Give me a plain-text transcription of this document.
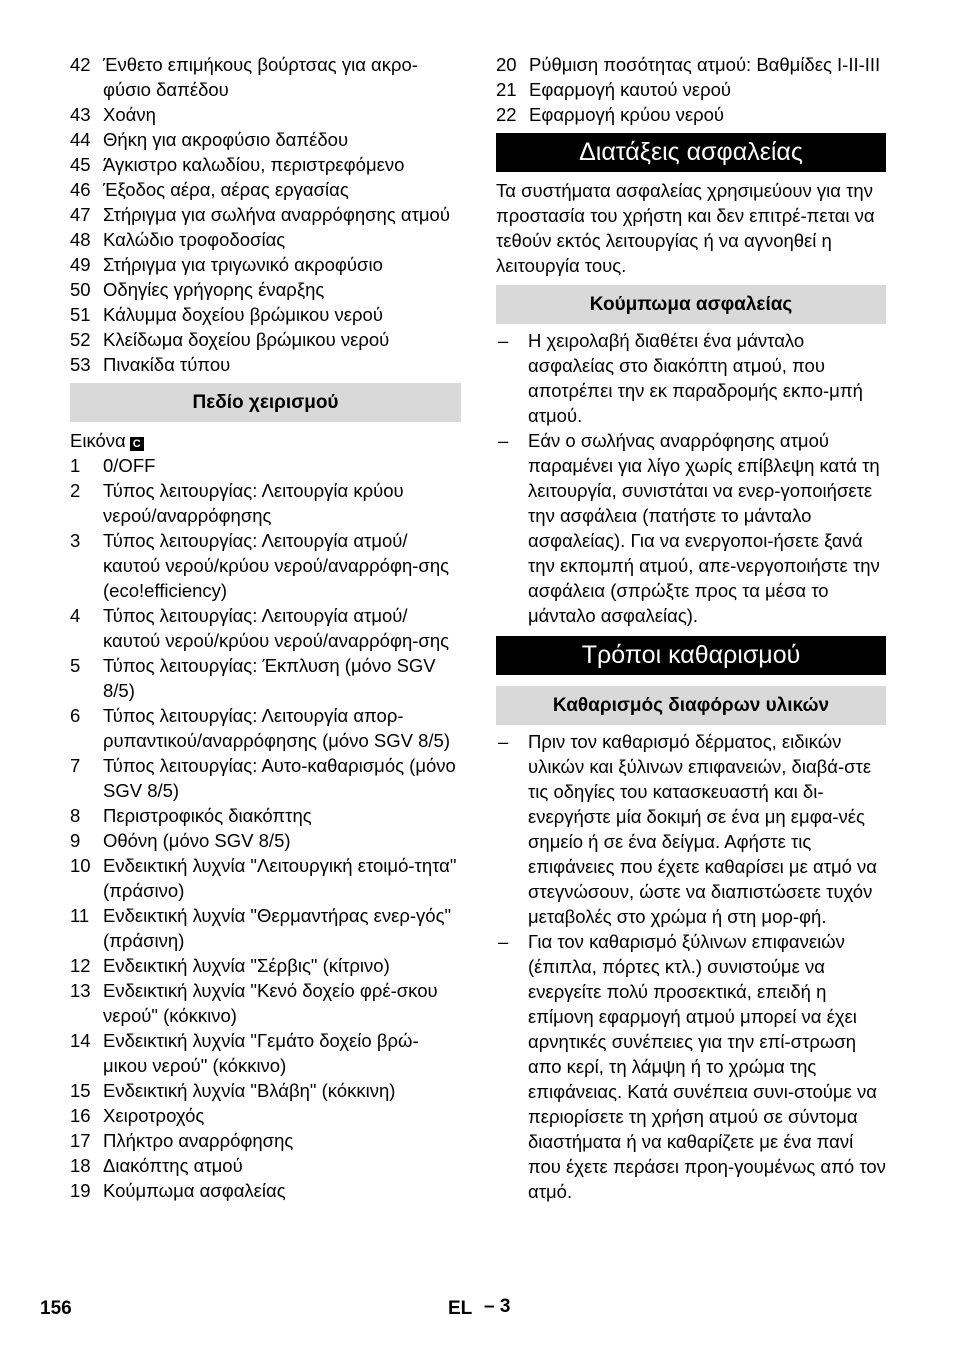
42 Ένθετο επιμήκους βούρτσας για ακρο-φύσιο δαπέδου
43 Χοάνη
44 Θήκη για ακροφύσιο δαπέδου
45 Άγκιστρο καλωδίου, περιστρεφόμενο
46 Έξοδος αέρα, αέρας εργασίας
47 Στήριγμα για σωλήνα αναρρόφησης ατμού
48 Καλώδιο τροφοδοσίας
49 Στήριγμα για τριγωνικό ακροφύσιο
50 Οδηγίες γρήγορης έναρξης
51 Κάλυμμα δοχείου βρώμικου νερού
52 Κλείδωμα δοχείου βρώμικου νερού
53 Πινακίδα τύπου
Πεδίο χειρισμού
Εικόνα C
1	0/OFF
2	Τύπος λειτουργίας: Λειτουργία κρύου νερού/αναρρόφησης
3	Τύπος λειτουργίας: Λειτουργία ατμού/ καυτού νερού/κρύου νερού/αναρρόφη-σης (eco!efficiency)
4	Τύπος λειτουργίας: Λειτουργία ατμού/ καυτού νερού/κρύου νερού/αναρρόφη-σης
5	Τύπος λειτουργίας: Έκπλυση (μόνο SGV 8/5)
6	Τύπος λειτουργίας: Λειτουργία απορ-ρυπαντικού/αναρρόφησης (μόνο SGV 8/5)
7	Τύπος λειτουργίας: Αυτο-καθαρισμός (μόνο SGV 8/5)
8	Περιστροφικός διακόπτης
9	Οθόνη (μόνο SGV 8/5)
10 Ενδεικτική λυχνία "Λειτουργική ετοιμό-τητα" (πράσινο)
11 Ενδεικτική λυχνία "Θερμαντήρας ενερ-γός" (πράσινη)
12 Ενδεικτική λυχνία "Σέρβις" (κίτρινο)
13 Ενδεικτική λυχνία "Κενό δοχείο φρέ-σκου νερού" (κόκκινο)
14 Ενδεικτική λυχνία "Γεμάτο δοχείο βρώ-μικου νερού" (κόκκινο)
15 Ενδεικτική λυχνία "Βλάβη" (κόκκινη)
16 Χειροτροχός
17 Πλήκτρο αναρρόφησης
18 Διακόπτης ατμού
19 Κούμπωμα ασφαλείας
20 Ρύθμιση ποσότητας ατμού: Βαθμίδες I-II-III
21 Εφαρμογή καυτού νερού
22 Εφαρμογή κρύου νερού
Διατάξεις ασφαλείας
Τα συστήματα ασφαλείας χρησιμεύουν για την προστασία του χρήστη και δεν επιτρέ-πεται να τεθούν εκτός λειτουργίας ή να αγνοηθεί η λειτουργία τους.
Κούμπωμα ασφαλείας
–	Η χειρολαβή διαθέτει ένα μάνταλο ασφαλείας στο διακόπτη ατμού, που αποτρέπει την εκ παραδρομής εκπο-μπή ατμού.
–	Εάν ο σωλήνας αναρρόφησης ατμού παραμένει για λίγο χωρίς επίβλεψη κατά τη λειτουργία, συνιστάται να ενερ-γοποιήσετε την ασφάλεια (πατήστε το μάνταλο ασφαλείας). Για να ενεργοποι-ήσετε ξανά την εκπομπή ατμού, απε-νεργοποιήστε την ασφάλεια (σπρώξτε προς τα μέσα το μάνταλο ασφαλείας).
Τρόποι καθαρισμού
Καθαρισμός διαφόρων υλικών
–	Πριν τον καθαρισμό δέρματος, ειδικών υλικών και ξύλινων επιφανειών, διαβά-στε τις οδηγίες του κατασκευαστή και δι-ενεργήστε μία δοκιμή σε ένα μη εμφα-νές σημείο ή σε ένα δείγμα. Αφήστε τις επιφάνειες που έχετε καθαρίσει με ατμό να στεγνώσουν, ώστε να διαπιστώσετε τυχόν μεταβολές στο χρώμα ή στη μορ-φή.
–	Για τον καθαρισμό ξύλινων επιφανειών (έπιπλα, πόρτες κτλ.) συνιστούμε να ενεργείτε πολύ προσεκτικά, επειδή η επίμονη εφαρμογή ατμού μπορεί να έχει αρνητικές συνέπειες για την επί-στρωση απο κερί, τη λάμψη ή το χρώμα της επιφάνειας. Κατά συνέπεια συνι-στούμε να περιορίσετε τη χρήση ατμού σε σύντομα διαστήματα ή να καθαρίζετε με ένα πανί που έχετε περάσει προη-γουμένως από τον ατμό.
156	EL – 3
